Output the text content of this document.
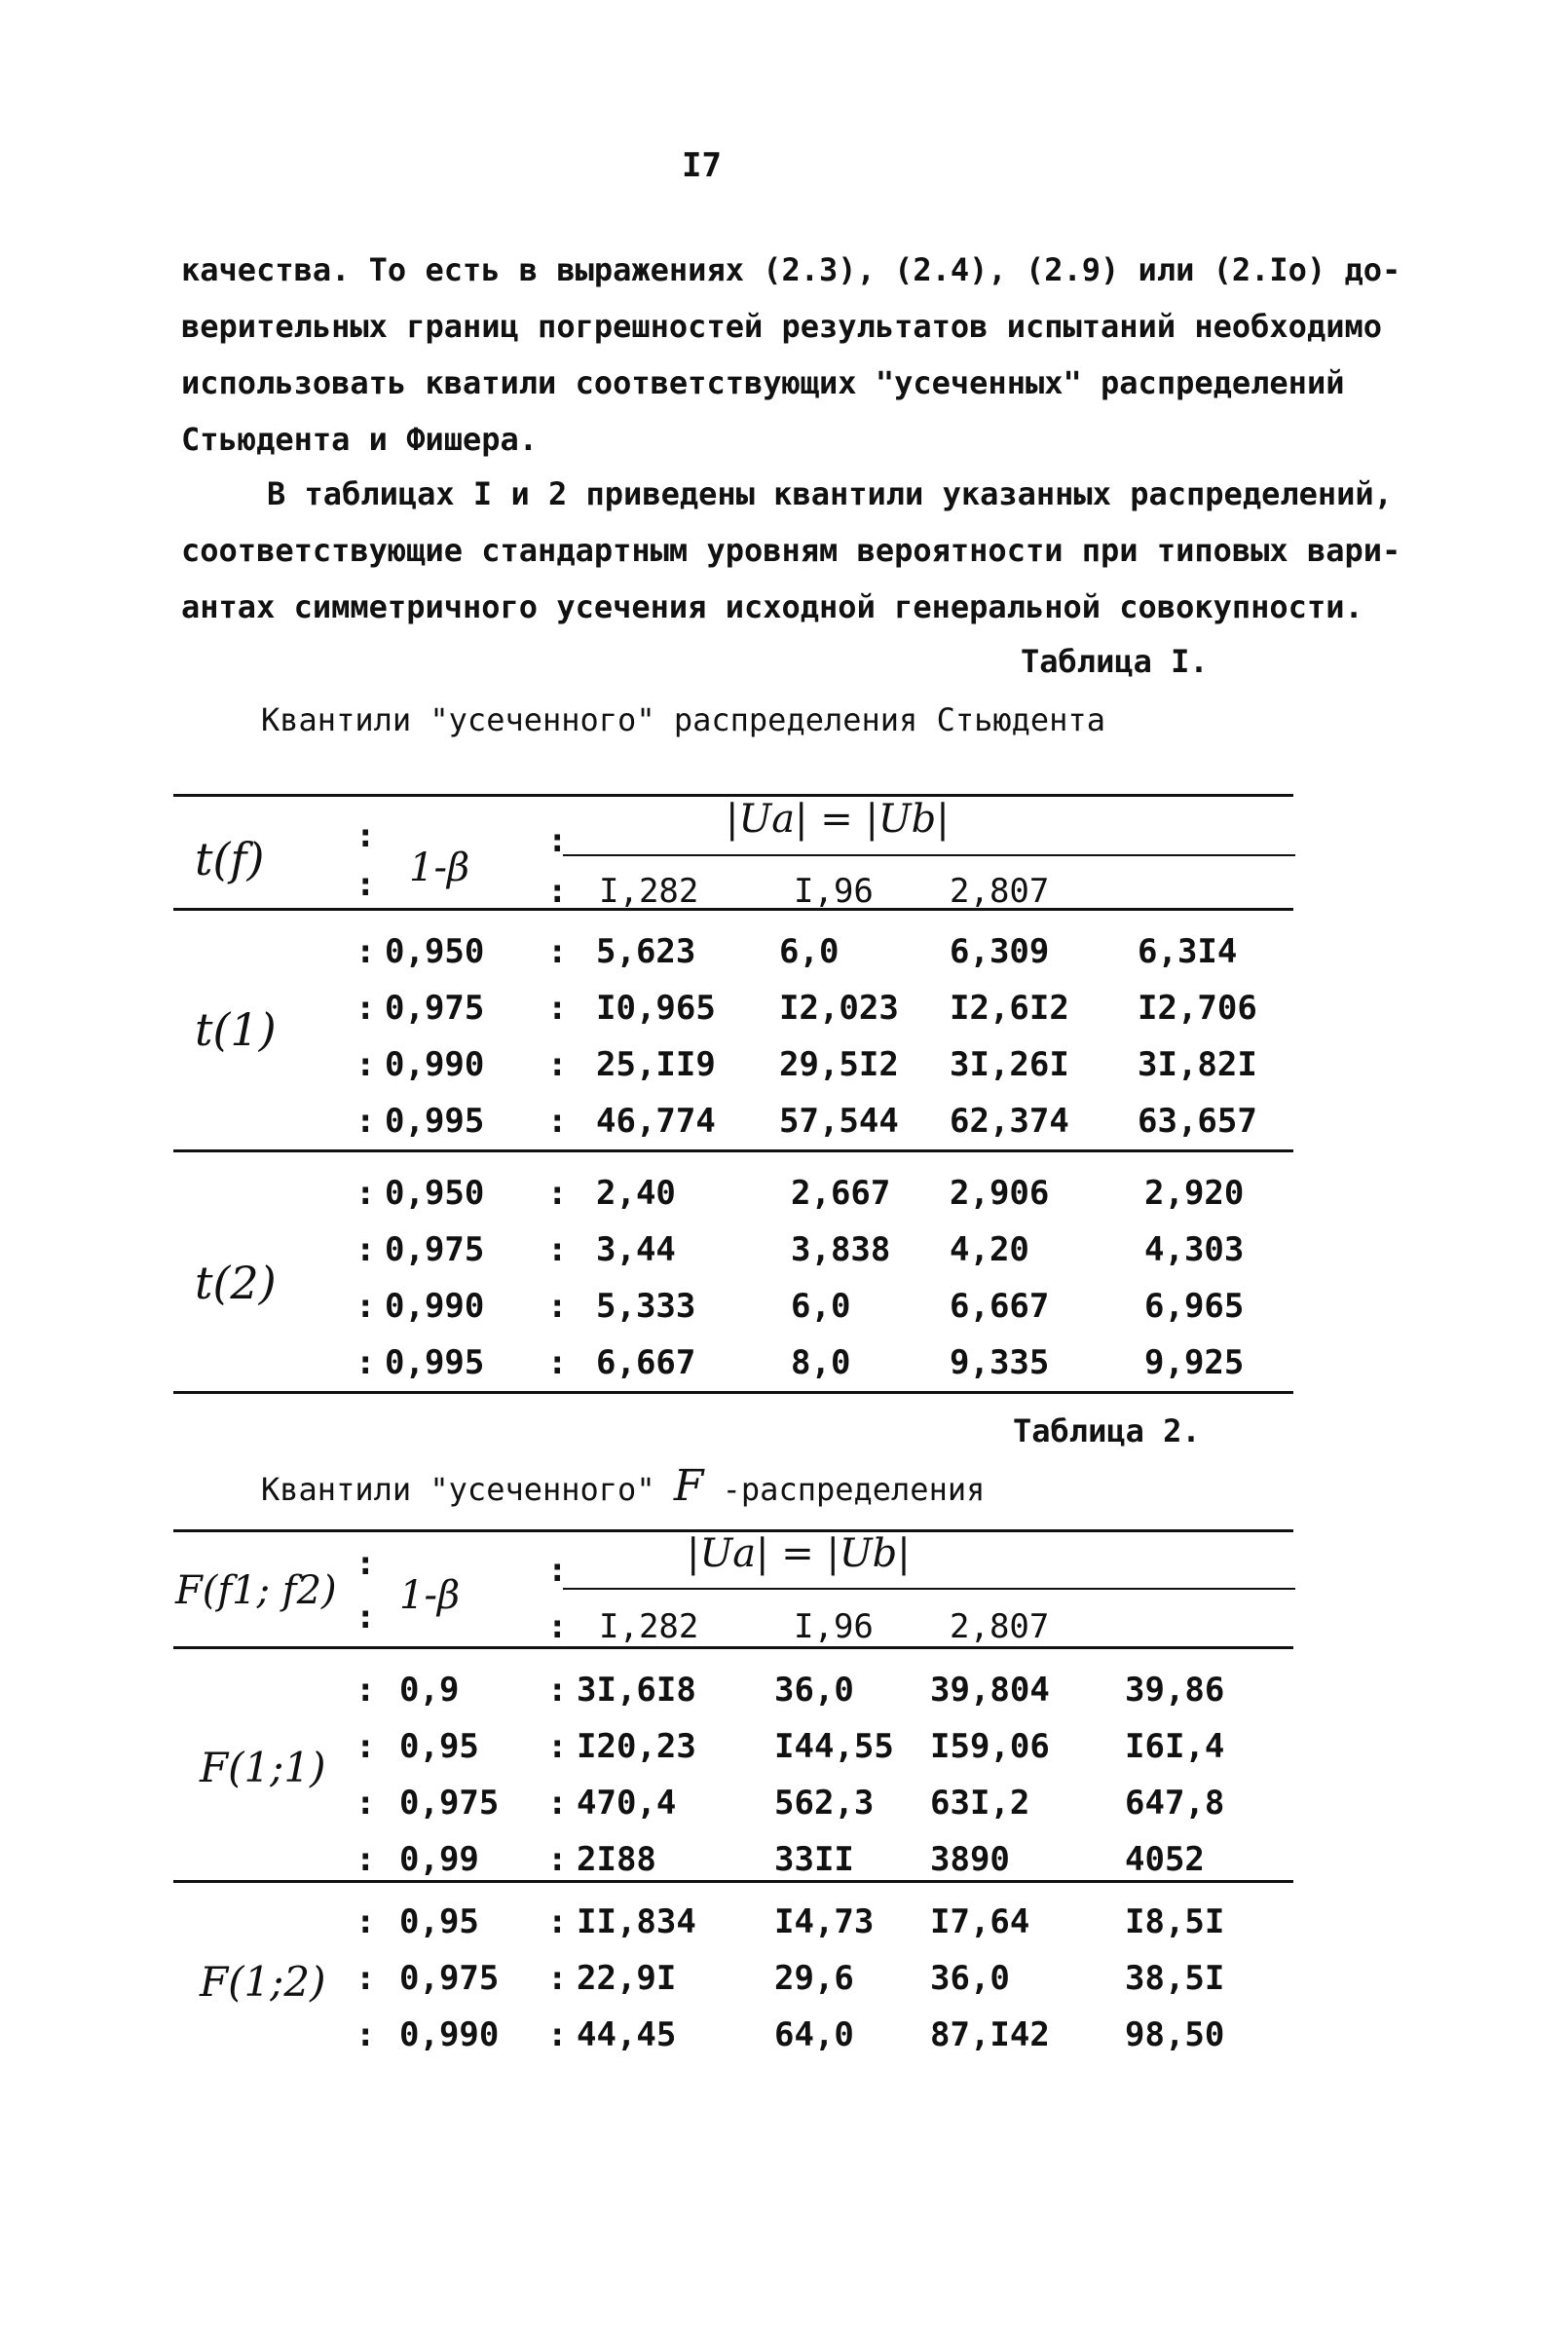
I7
качества. То есть в выражениях (2.3), (2.4), (2.9) или (2.Iо) до-
верительных границ погрешностей результатов испытаний необходимо
использовать кватили соответствующих "усеченных" распределений
Стьюдента и Фишера.
В таблицах I и 2 приведены квантили указанных распределений,
соответствующие стандартным уровням вероятности при типовых вари-
антах симметричного усечения исходной генеральной совокупности.
Таблица I.
Квантили "усеченного" распределения Стьюдента
t(f)	:
: 1-β
:	|Ua| = |Ub|
: I,282	I,96 2,807
t(1)
: 0,950 : 5,623	6,0	6,309	6,3I4
: 0,975 : I0,965 I2,023 I2,6I2 I2,706
: 0,990 : 25,II9 29,5I2 3I,26I 3I,82I
: 0,995 : 46,774 57,544 62,374 63,657
t(2)
: 0,950 : 2,40	2,667 2,906	2,920
: 0,975 : 3,44	3,838 4,20	4,303
: 0,990 : 5,333	6,0	6,667	6,965
: 0,995 : 6,667	8,0	9,335	9,925
Таблица 2.
Квантили "усеченного" F -распределения
F(f1; f2)
:
: 1-β
:	|Ua| = |Ub|
: I,282	I,96 2,807
F(1;1)
: 0,9	: 3I,6I8 36,0 39,804 39,86
: 0,95 : I20,23 I44,55 I59,06 I6I,4
: 0,975 : 470,4	562,3 63I,2	647,8
: 0,99 : 2I88	33II 3890	4052
F(1;2)
: 0,95 : II,834 I4,73 I7,64	I8,5I
: 0,975 : 22,9I	29,6 36,0	38,5I
: 0,990 : 44,45	64,0 87,I42 98,50
